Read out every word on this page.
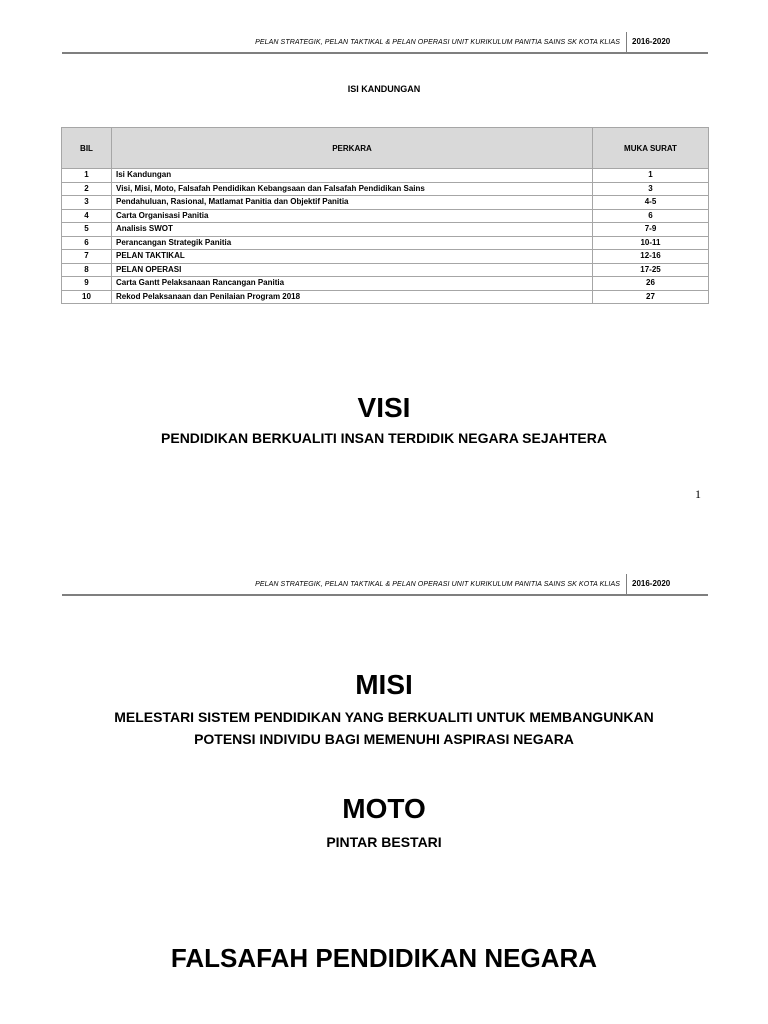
PELAN STRATEGIK, PELAN TAKTIKAL & PELAN OPERASI UNIT KURIKULUM PANITIA SAINS SK KOTA KLIAS	2016-2020
ISI KANDUNGAN
BIL	PERKARA	MUKA SURAT
1	Isi Kandungan	1
2	Visi, Misi, Moto, Falsafah Pendidikan Kebangsaan dan Falsafah Pendidikan Sains	3
3	Pendahuluan, Rasional, Matlamat Panitia dan Objektif Panitia	4-5
4	Carta Organisasi Panitia	6
5	Analisis SWOT	7-9
6	Perancangan Strategik Panitia	10-11
7	PELAN TAKTIKAL	12-16
8	PELAN OPERASI	17-25
9	Carta Gantt Pelaksanaan Rancangan Panitia	26
10	Rekod Pelaksanaan dan Penilaian Program 2018	27
VISI
PENDIDIKAN BERKUALITI INSAN TERDIDIK NEGARA SEJAHTERA
1
PELAN STRATEGIK, PELAN TAKTIKAL & PELAN OPERASI UNIT KURIKULUM PANITIA SAINS SK KOTA KLIAS	2016-2020
MISI
MELESTARI SISTEM PENDIDIKAN YANG BERKUALITI UNTUK MEMBANGUNKAN
POTENSI INDIVIDU BAGI MEMENUHI ASPIRASI NEGARA
MOTO
PINTAR BESTARI
FALSAFAH PENDIDIKAN NEGARA
